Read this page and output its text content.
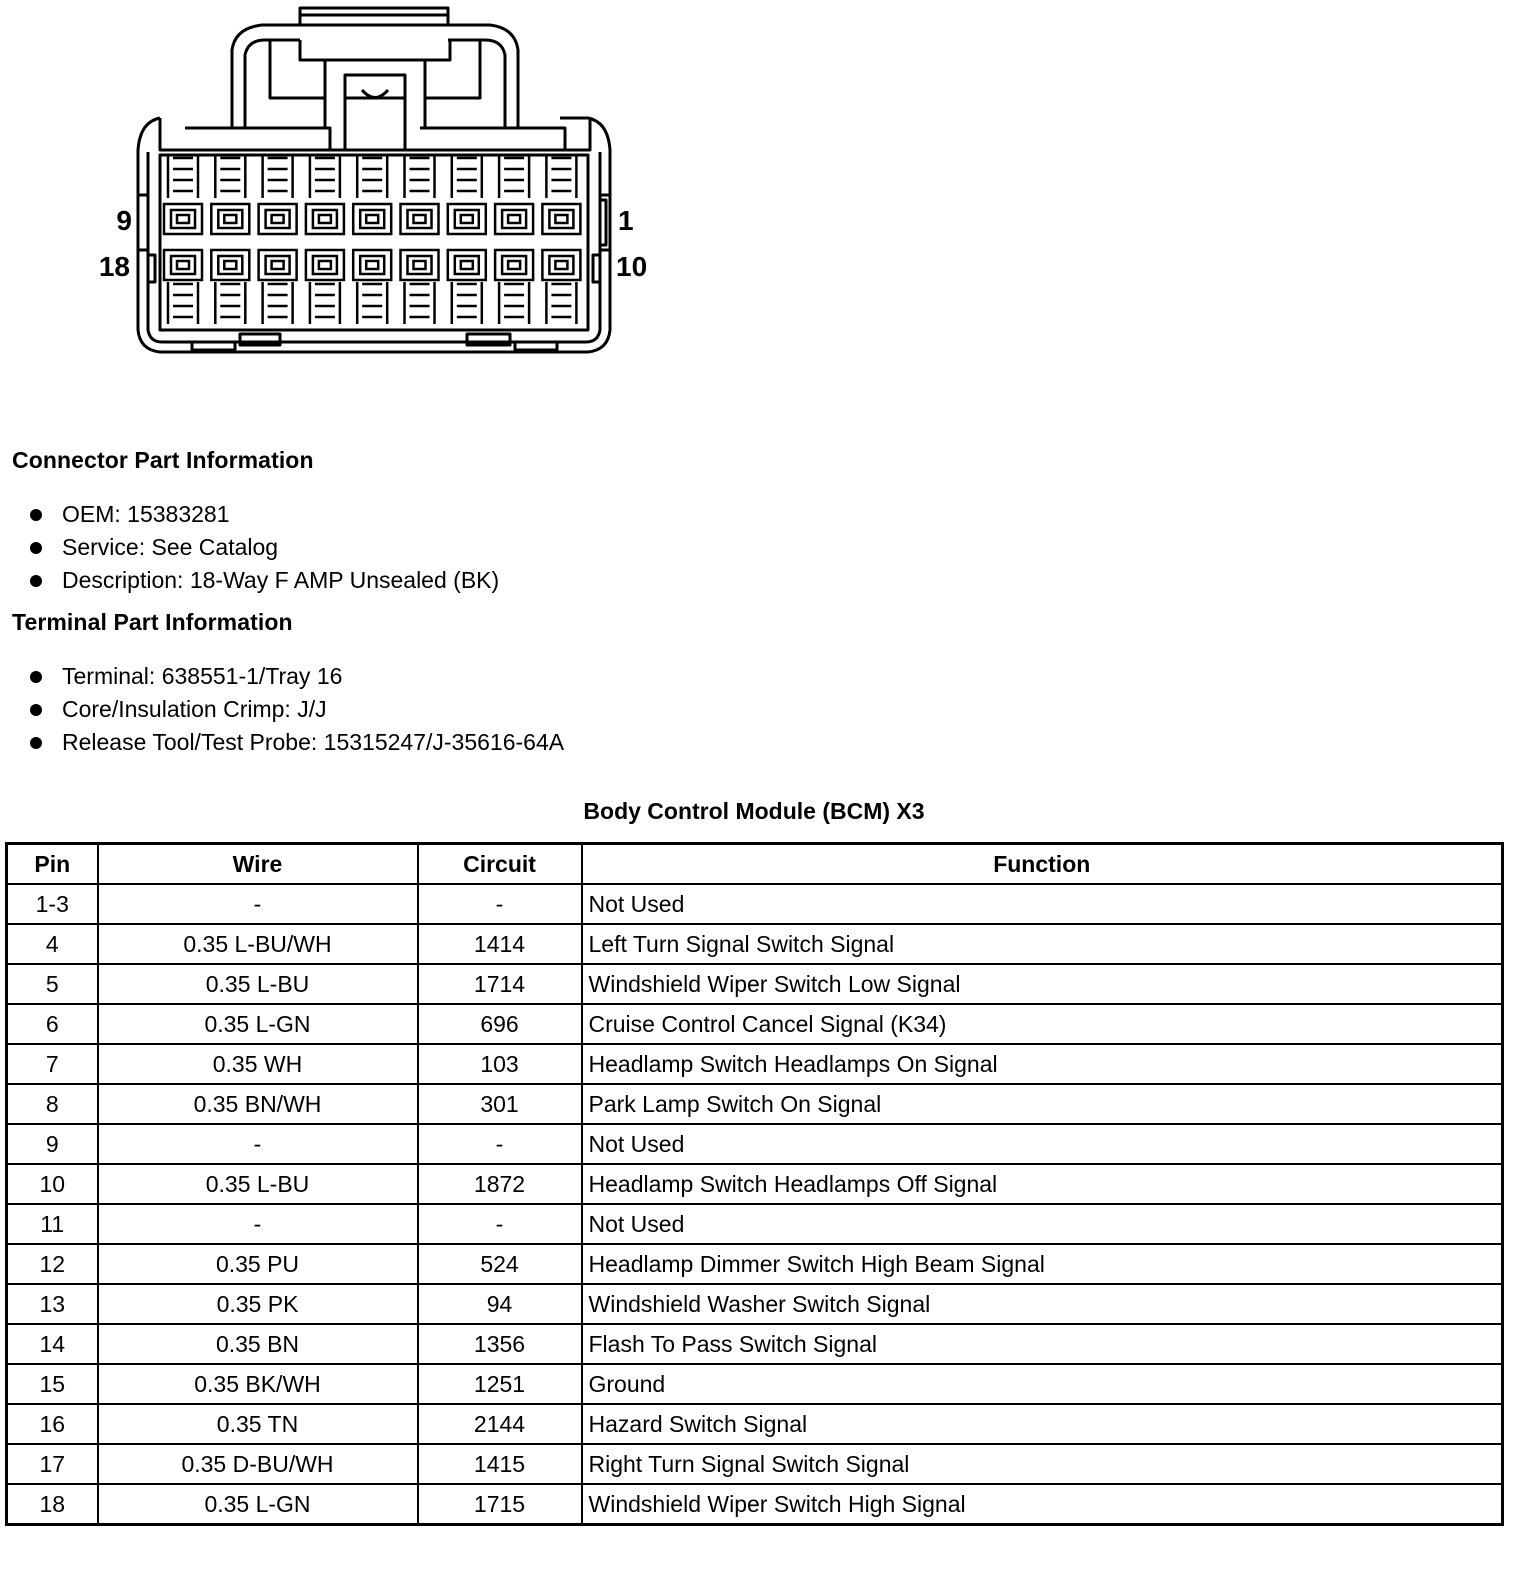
9
18
1
10
Connector Part Information
OEM: 15383281
Service: See Catalog
Description: 18-Way F AMP Unsealed (BK)
Terminal Part Information
Terminal: 638551-1/Tray 16
Core/Insulation Crimp: J/J
Release Tool/Test Probe: 15315247/J-35616-64A
Body Control Module (BCM) X3
Pin	Wire	Circuit	Function
1-3	-	-	Not Used
4	0.35 L-BU/WH	1414	Left Turn Signal Switch Signal
5	0.35 L-BU	1714	Windshield Wiper Switch Low Signal
6	0.35 L-GN	696	Cruise Control Cancel Signal (K34)
7	0.35 WH	103	Headlamp Switch Headlamps On Signal
8	0.35 BN/WH	301	Park Lamp Switch On Signal
9	-	-	Not Used
10	0.35 L-BU	1872	Headlamp Switch Headlamps Off Signal
11	-	-	Not Used
12	0.35 PU	524	Headlamp Dimmer Switch High Beam Signal
13	0.35 PK	94	Windshield Washer Switch Signal
14	0.35 BN	1356	Flash To Pass Switch Signal
15	0.35 BK/WH	1251	Ground
16	0.35 TN	2144	Hazard Switch Signal
17	0.35 D-BU/WH	1415	Right Turn Signal Switch Signal
18	0.35 L-GN	1715	Windshield Wiper Switch High Signal
